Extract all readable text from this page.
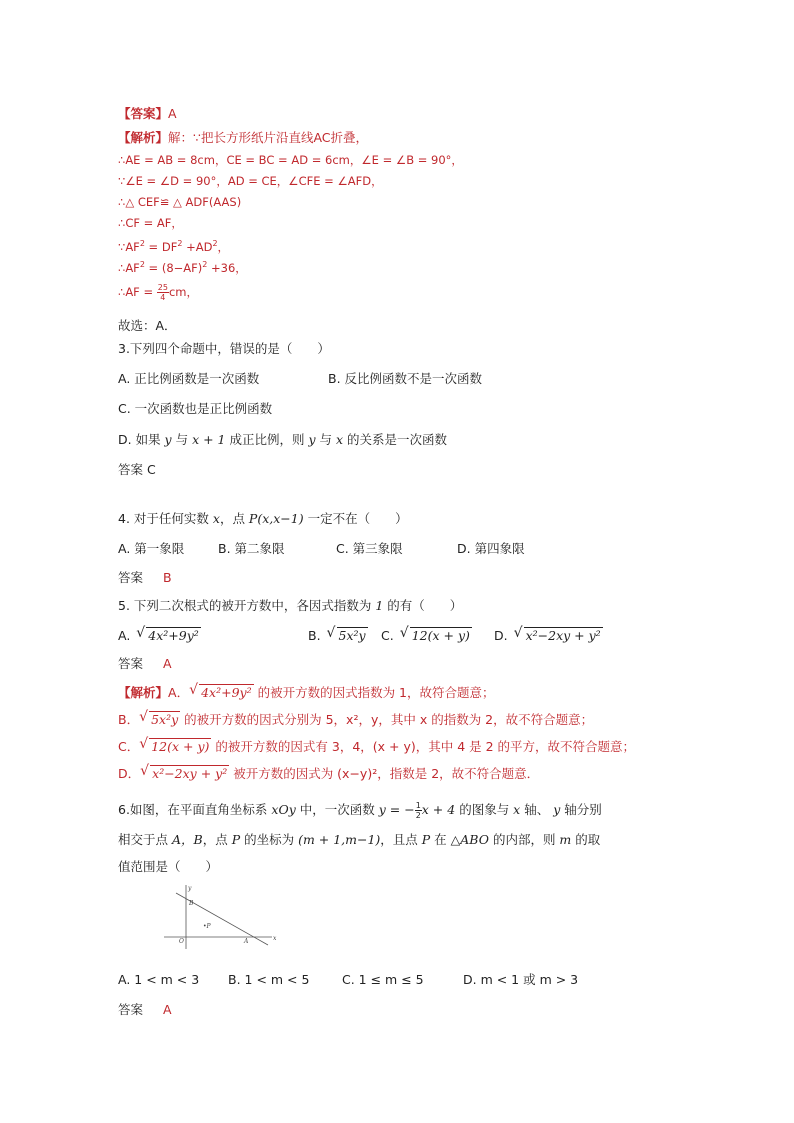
【答案】A
【解析】解：∵把长方形纸片沿直线AC折叠，
∴AE = AB = 8cm，CE = BC = AD = 6cm，∠E = ∠B = 90°，
∵∠E = ∠D = 90°，AD = CE，∠CFE = ∠AFD，
∴△ CEF≌ △ ADF(AAS)
∴CF = AF，
$\because AF^2 = DF^2 +AD^2$，
$\therefore AF^2 = (8-AF)^2 +36$，
∴AF = $\frac{25}{4}$ cm，
故选：A．
3.下列四个命题中，错误的是（　　）
A. 正比例函数是一次函数	B. 反比例函数不是一次函数
C. 一次函数也是正比例函数
D. 如果 y 与 x + 1 成正比例，则 y 与 x 的关系是一次函数
答案 C
4. 对于任何实数 x，点 P(x,x−1) 一定不在（　　）
A. 第一象限	B. 第二象限	C. 第三象限	D. 第四象限
答案 B
5. 下列二次根式的被开方数中，各因式指数为 1 的有（　　）
A. √ 4x²+9y²	B. √ 5x²y C. √ 12(x + y) D. √ x²−2xy + y²
答案 A
【解析】A． √ 4x²+9y² 的被开方数的因式指数为 1，故符合题意；
B． √ 5x²y 的被开方数的因式分别为 5，x²，y，其中 x 的指数为 2，故不符合题意；
C． √ 12(x + y) 的被开方数的因式有 3，4，(x + y)，其中 4 是 2 的平方，故不符合题意；
D． √ x²−2xy + y² 被开方数的因式为 (x−y)²，指数是 2，故不符合题意．
6.如图，在平面直角坐标系 xOy 中，一次函数 y = − $\frac{1}{2}$ x + 4 的图象与 x 轴、 y 轴分别
相交于点 A，B，点 P 的坐标为 (m + 1,m−1)，且点 P 在 △ABO 的内部，则 m 的取
值范围是（　　）
y
x
B
•P
O	A
A. 1 < m < 3 B. 1 < m < 5	C. 1 ≤ m ≤ 5	D. m < 1 或 m > 3
答案 A
